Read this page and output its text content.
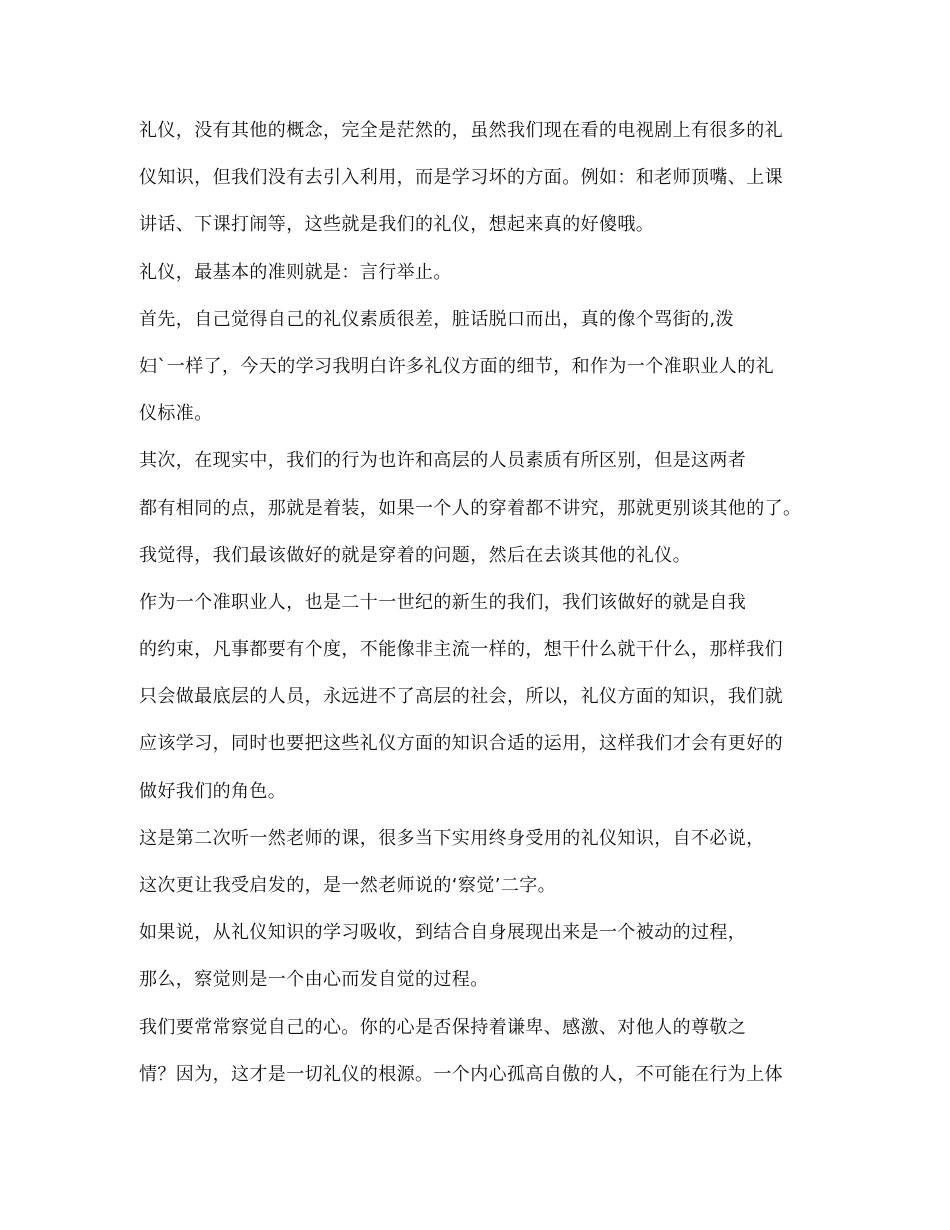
礼仪，没有其他的概念，完全是茫然的，虽然我们现在看的电视剧上有很多的礼
仪知识，但我们没有去引入利用，而是学习坏的方面。例如：和老师顶嘴、上课
讲话、下课打闹等，这些就是我们的礼仪，想起来真的好傻哦。
礼仪，最基本的准则就是：言行举止。
首先，自己觉得自己的礼仪素质很差，脏话脱口而出，真的像个骂街的,泼
妇`一样了，今天的学习我明白许多礼仪方面的细节，和作为一个准职业人的礼
仪标准。
其次，在现实中，我们的行为也许和高层的人员素质有所区别，但是这两者
都有相同的点，那就是着装，如果一个人的穿着都不讲究，那就更别谈其他的了。
我觉得，我们最该做好的就是穿着的问题，然后在去谈其他的礼仪。
作为一个准职业人，也是二十一世纪的新生的我们，我们该做好的就是自我
的约束，凡事都要有个度，不能像非主流一样的，想干什么就干什么，那样我们
只会做最底层的人员，永远进不了高层的社会，所以，礼仪方面的知识，我们就
应该学习，同时也要把这些礼仪方面的知识合适的运用，这样我们才会有更好的
做好我们的角色。
这是第二次听一然老师的课，很多当下实用终身受用的礼仪知识，自不必说，
这次更让我受启发的，是一然老师说的‘察觉’二字。
如果说，从礼仪知识的学习吸收，到结合自身展现出来是一个被动的过程，
那么，察觉则是一个由心而发自觉的过程。
我们要常常察觉自己的心。你的心是否保持着谦卑、感激、对他人的尊敬之
情？因为，这才是一切礼仪的根源。一个内心孤高自傲的人，不可能在行为上体
